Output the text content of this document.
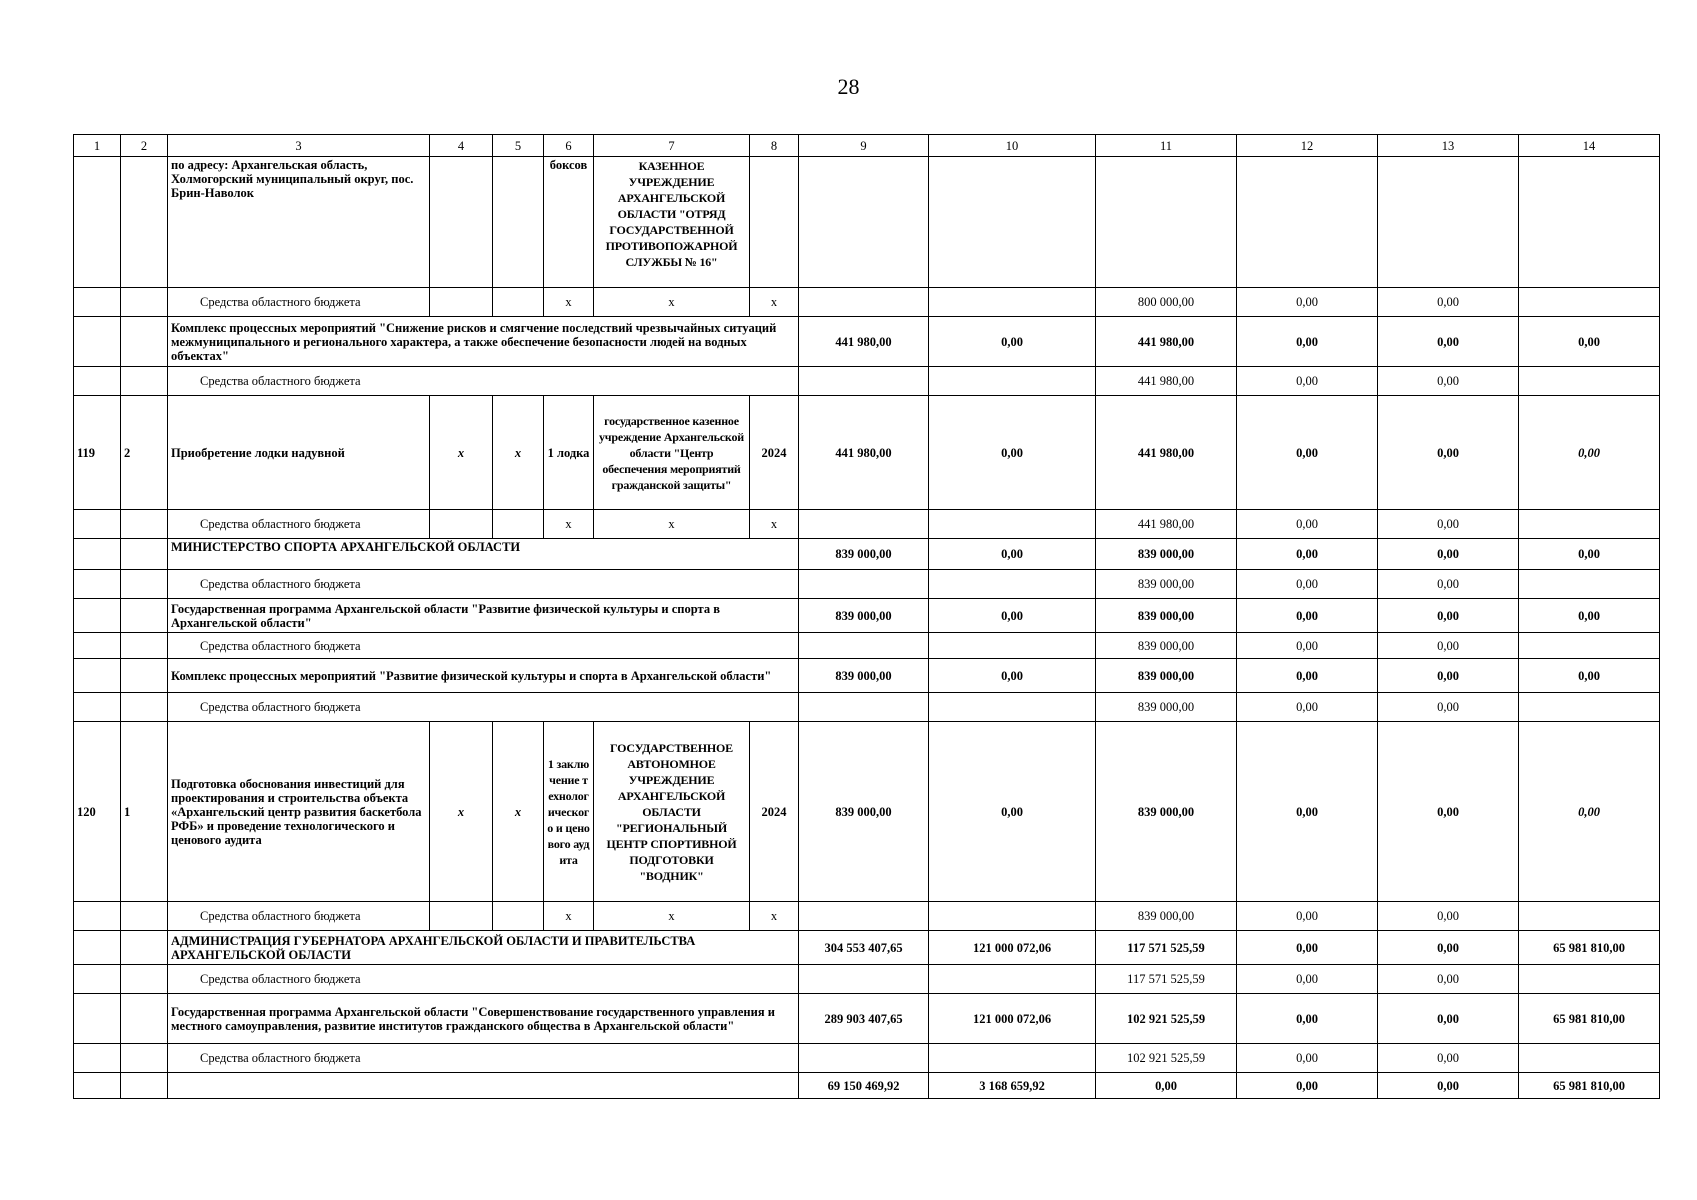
28
1	2	3	4	5	6	7	8	9	10	11	12	13	14
		по адресу: Архангельская область, Холмогорский муниципальный округ, пос. Брин-Наволок			боксов	КАЗЕННОЕ УЧРЕЖДЕНИЕ АРХАНГЕЛЬСКОЙ ОБЛАСТИ "ОТРЯД ГОСУДАРСТВЕННОЙ ПРОТИВОПОЖАРНОЙ СЛУЖБЫ № 16"							
		Средства областного бюджета			x	x	x			800 000,00	0,00	0,00	
		Комплекс процессных мероприятий "Снижение рисков и смягчение последствий чрезвычайных ситуаций межмуниципального и регионального характера, а также обеспечение безопасности людей на водных объектах"						441 980,00	0,00	441 980,00	0,00	0,00	0,00
		Средства областного бюджета								441 980,00	0,00	0,00	
119	2	Приобретение лодки надувной	x	x	1 лодка	государственное казенное учреждение Архангельской области "Центр обеспечения мероприятий гражданской защиты"	2024	441 980,00	0,00	441 980,00	0,00	0,00	0,00
		Средства областного бюджета			x	x	x			441 980,00	0,00	0,00	
		МИНИСТЕРСТВО СПОРТА АРХАНГЕЛЬСКОЙ ОБЛАСТИ						839 000,00	0,00	839 000,00	0,00	0,00	0,00
		Средства областного бюджета								839 000,00	0,00	0,00	
		Государственная программа Архангельской области "Развитие физической культуры и спорта в Архангельской области"						839 000,00	0,00	839 000,00	0,00	0,00	0,00
		Средства областного бюджета								839 000,00	0,00	0,00	
		Комплекс процессных мероприятий "Развитие физической культуры и спорта в Архангельской области"						839 000,00	0,00	839 000,00	0,00	0,00	0,00
		Средства областного бюджета								839 000,00	0,00	0,00	
120	1	Подготовка обоснования инвестиций для проектирования и строительства объекта «Архангельский центр развития баскетбола РФБ» и проведение технологического и ценового аудита	x	x	1 заключение технологического и ценового аудита	ГОСУДАРСТВЕННОЕ АВТОНОМНОЕ УЧРЕЖДЕНИЕ АРХАНГЕЛЬСКОЙ ОБЛАСТИ "РЕГИОНАЛЬНЫЙ ЦЕНТР СПОРТИВНОЙ ПОДГОТОВКИ "ВОДНИК"	2024	839 000,00	0,00	839 000,00	0,00	0,00	0,00
		Средства областного бюджета			x	x	x			839 000,00	0,00	0,00	
		АДМИНИСТРАЦИЯ ГУБЕРНАТОРА АРХАНГЕЛЬСКОЙ ОБЛАСТИ И ПРАВИТЕЛЬСТВА АРХАНГЕЛЬСКОЙ ОБЛАСТИ						304 553 407,65	121 000 072,06	117 571 525,59	0,00	0,00	65 981 810,00
		Средства областного бюджета								117 571 525,59	0,00	0,00	
		Государственная программа Архангельской области "Совершенствование государственного управления и местного самоуправления, развитие институтов гражданского общества в Архангельской области"						289 903 407,65	121 000 072,06	102 921 525,59	0,00	0,00	65 981 810,00
		Средства областного бюджета								102 921 525,59	0,00	0,00	
								69 150 469,92	3 168 659,92	0,00	0,00	0,00	65 981 810,00
